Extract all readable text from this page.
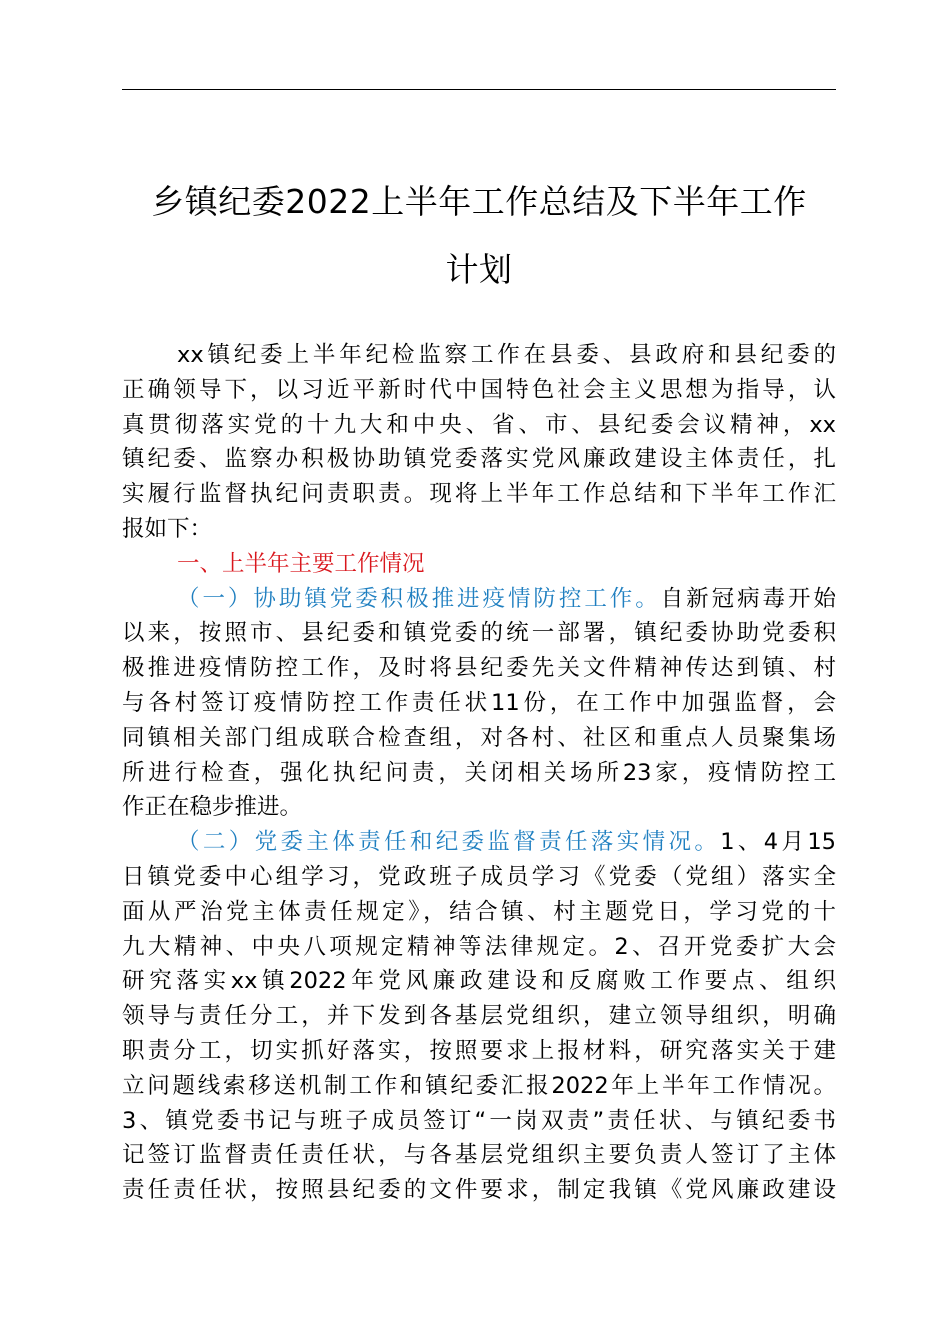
乡镇纪委2022上半年工作总结及下半年工作
计划
xx镇纪委上半年纪检监察工作在县委、县政府和县纪委的
正确领导下，以习近平新时代中国特色社会主义思想为指导，认
真贯彻落实党的十九大和中央、省、市、县纪委会议精神，xx
镇纪委、监察办积极协助镇党委落实党风廉政建设主体责任，扎
实履行监督执纪问责职责。现将上半年工作总结和下半年工作汇
报如下：
一、上半年主要工作情况
（一）协助镇党委积极推进疫情防控工作。自新冠病毒开始
以来，按照市、县纪委和镇党委的统一部署，镇纪委协助党委积
极推进疫情防控工作，及时将县纪委先关文件精神传达到镇、村
与各村签订疫情防控工作责任状11份，在工作中加强监督，会
同镇相关部门组成联合检查组，对各村、社区和重点人员聚集场
所进行检查，强化执纪问责，关闭相关场所23家，疫情防控工
作正在稳步推进。
（二）党委主体责任和纪委监督责任落实情况。1、4月15
日镇党委中心组学习，党政班子成员学习《党委（党组）落实全
面从严治党主体责任规定》，结合镇、村主题党日，学习党的十
九大精神、中央八项规定精神等法律规定。2、召开党委扩大会
研究落实xx镇2022年党风廉政建设和反腐败工作要点、组织
领导与责任分工，并下发到各基层党组织，建立领导组织，明确
职责分工，切实抓好落实，按照要求上报材料，研究落实关于建
立问题线索移送机制工作和镇纪委汇报2022年上半年工作情况。
3、镇党委书记与班子成员签订“一岗双责”责任状、与镇纪委书
记签订监督责任责任状，与各基层党组织主要负责人签订了主体
责任责任状，按照县纪委的文件要求，制定我镇《党风廉政建设
